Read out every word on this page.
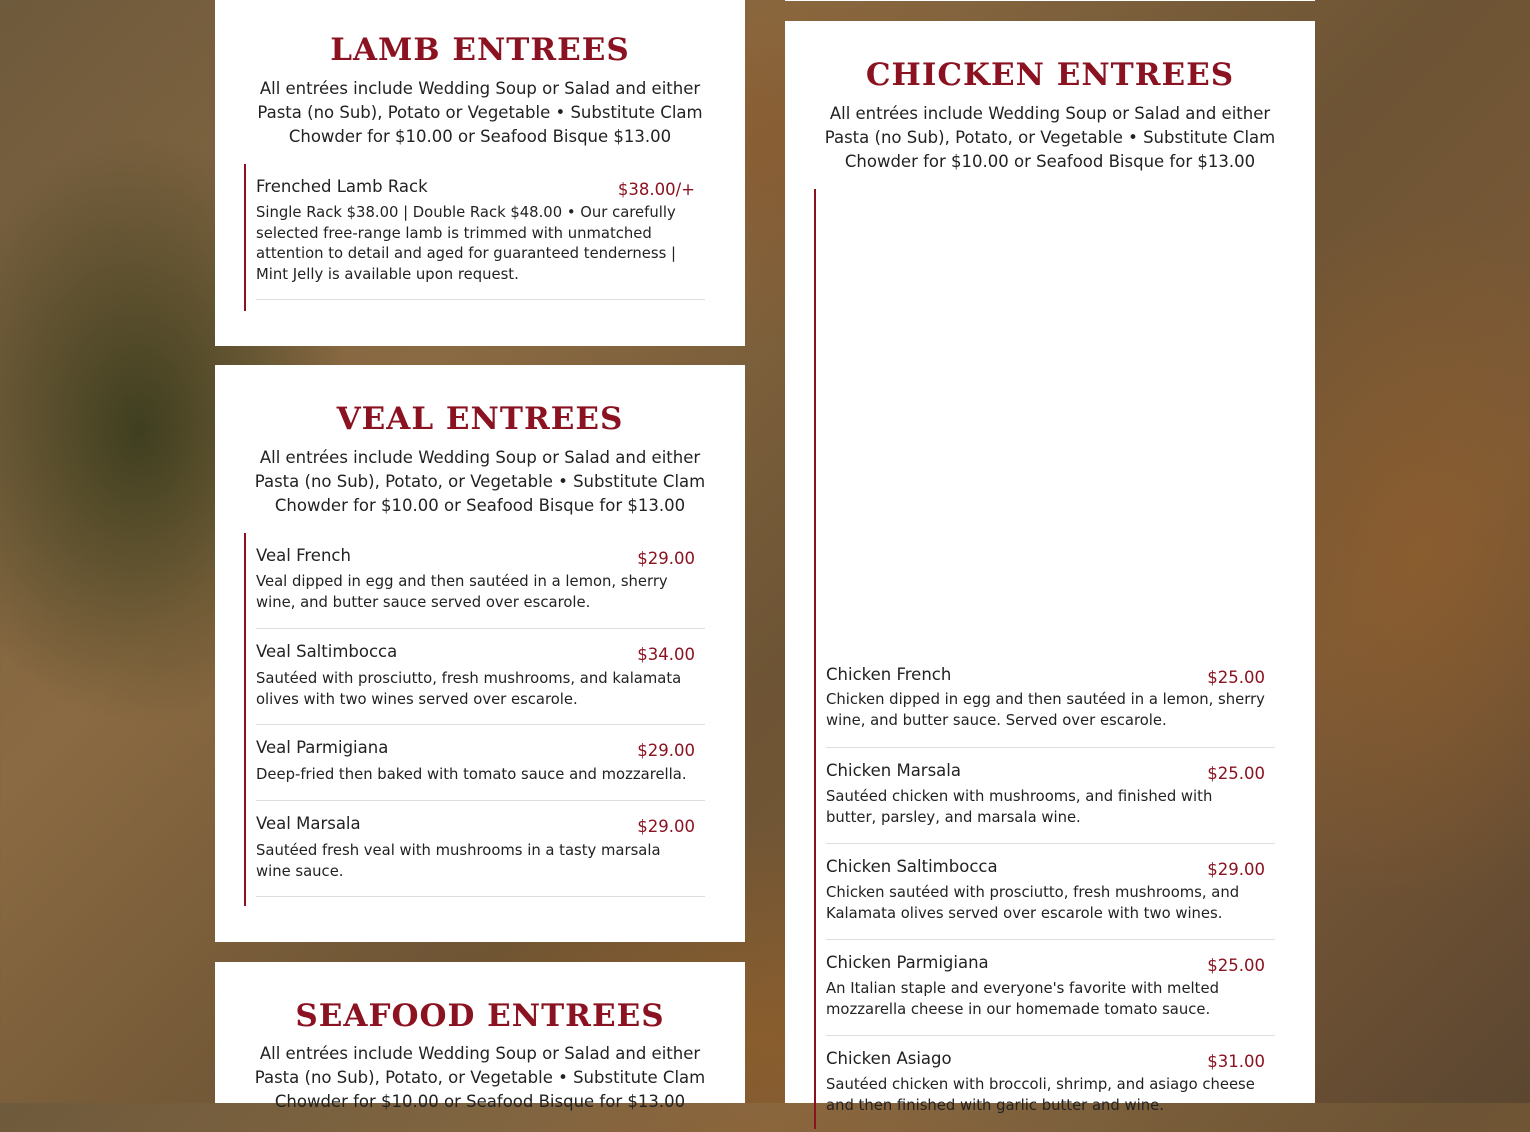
LAMB ENTREES

All entrées include Wedding Soup or Salad and either Pasta (no Sub), Potato or Vegetable • Substitute Clam Chowder for $10.00 or Seafood Bisque $13.00

Frenched Lamb Rack	$38.00/+
Single Rack $38.00 | Double Rack $48.00 • Our carefully selected free-range lamb is trimmed with unmatched attention to detail and aged for guaranteed tenderness | Mint Jelly is available upon request.
VEAL ENTREES

All entrées include Wedding Soup or Salad and either Pasta (no Sub), Potato, or Vegetable • Substitute Clam Chowder for $10.00 or Seafood Bisque for $13.00

Veal French	$29.00
Veal dipped in egg and then sautéed in a lemon, sherry wine, and butter sauce served over escarole.
Veal Saltimbocca	$34.00
Sautéed with prosciutto, fresh mushrooms, and kalamata olives with two wines served over escarole.
Veal Parmigiana	$29.00
Deep-fried then baked with tomato sauce and mozzarella.
Veal Marsala	$29.00
Sautéed fresh veal with mushrooms in a tasty marsala wine sauce.
SEAFOOD ENTREES

All entrées include Wedding Soup or Salad and either Pasta (no Sub), Potato, or Vegetable • Substitute Clam Chowder for $10.00 or Seafood Bisque for $13.00

CHICKEN ENTREES

All entrées include Wedding Soup or Salad and either Pasta (no Sub), Potato, or Vegetable • Substitute Clam Chowder for $10.00 or Seafood Bisque for $13.00

Chicken French	$25.00
Chicken dipped in egg and then sautéed in a lemon, sherry wine, and butter sauce. Served over escarole.
Chicken Marsala	$25.00
Sautéed chicken with mushrooms, and finished with butter, parsley, and marsala wine.
Chicken Saltimbocca	$29.00
Chicken sautéed with prosciutto, fresh mushrooms, and Kalamata olives served over escarole with two wines.
Chicken Parmigiana	$25.00
An Italian staple and everyone's favorite with melted mozzarella cheese in our homemade tomato sauce.
Chicken Asiago	$31.00
Sautéed chicken with broccoli, shrimp, and asiago cheese and then finished with garlic butter and wine.
